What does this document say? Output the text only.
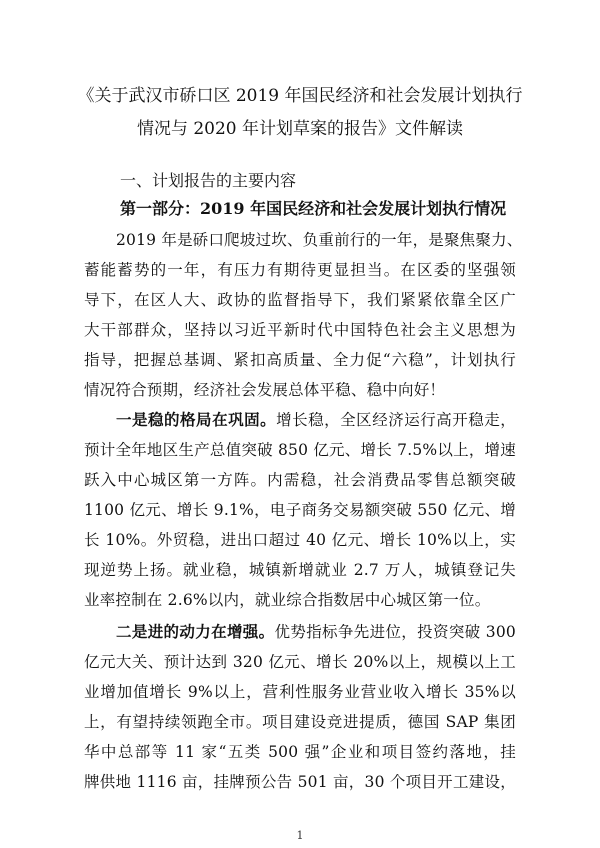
《关于武汉市硚口区 2019 年国民经济和社会发展计划执行
情况与 2020 年计划草案的报告》文件解读
一、计划报告的主要内容
第一部分：2019 年国民经济和社会发展计划执行情况
2019 年是硚口爬坡过坎、负重前行的一年，是聚焦聚力、
蓄能蓄势的一年，有压力有期待更显担当。在区委的坚强领
导下，在区人大、政协的监督指导下，我们紧紧依靠全区广
大干部群众，坚持以习近平新时代中国特色社会主义思想为
指导，把握总基调、紧扣高质量、全力促“六稳”，计划执行
情况符合预期，经济社会发展总体平稳、稳中向好！
一是稳的格局在巩固。增长稳，全区经济运行高开稳走，
预计全年地区生产总值突破 850 亿元、增长 7.5%以上，增速
跃入中心城区第一方阵。内需稳，社会消费品零售总额突破
1100 亿元、增长 9.1%，电子商务交易额突破 550 亿元、增
长 10%。外贸稳，进出口超过 40 亿元、增长 10%以上，实
现逆势上扬。就业稳，城镇新增就业 2.7 万人，城镇登记失
业率控制在 2.6%以内，就业综合指数居中心城区第一位。
二是进的动力在增强。优势指标争先进位，投资突破 300
亿元大关、预计达到 320 亿元、增长 20%以上，规模以上工
业增加值增长 9%以上，营利性服务业营业收入增长 35%以
上，有望持续领跑全市。项目建设竞进提质，德国 SAP 集团
华中总部等 11 家“五类 500 强”企业和项目签约落地，挂
牌供地 1116 亩，挂牌预公告 501 亩，30 个项目开工建设，
1
